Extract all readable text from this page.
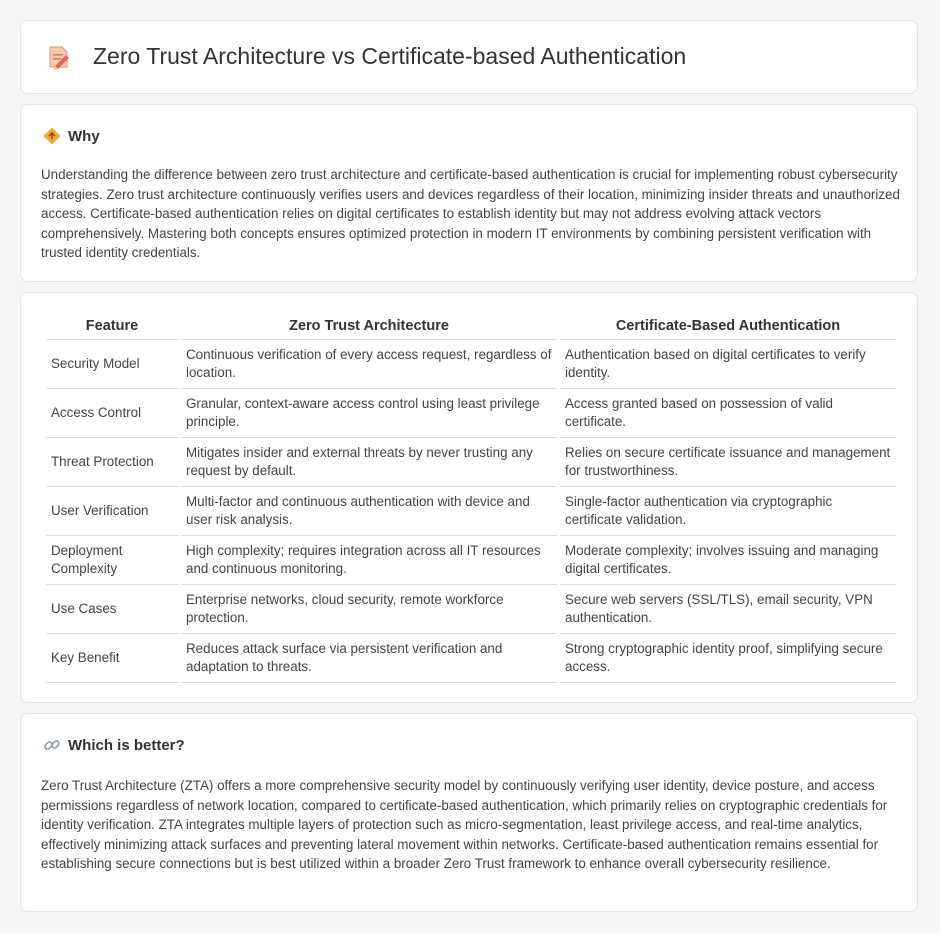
Zero Trust Architecture vs Certificate-based Authentication
Why

Understanding the difference between zero trust architecture and certificate-based authentication is crucial for implementing robust cybersecurity strategies. Zero trust architecture continuously verifies users and devices regardless of their location, minimizing insider threats and unauthorized access. Certificate-based authentication relies on digital certificates to establish identity but may not address evolving attack vectors comprehensively. Mastering both concepts ensures optimized protection in modern IT environments by combining persistent verification with trusted identity credentials.

Feature	Zero Trust Architecture	Certificate-Based Authentication
Security Model	Continuous verification of every access request, regardless of location.	Authentication based on digital certificates to verify identity.
Access Control	Granular, context-aware access control using least privilege principle.	Access granted based on possession of valid certificate.
Threat Protection	Mitigates insider and external threats by never trusting any request by default.	Relies on secure certificate issuance and management for trustworthiness.
User Verification	Multi-factor and continuous authentication with device and user risk analysis.	Single-factor authentication via cryptographic certificate validation.
Deployment Complexity	High complexity; requires integration across all IT resources and continuous monitoring.	Moderate complexity; involves issuing and managing digital certificates.
Use Cases	Enterprise networks, cloud security, remote workforce protection.	Secure web servers (SSL/TLS), email security, VPN authentication.
Key Benefit	Reduces attack surface via persistent verification and adaptation to threats.	Strong cryptographic identity proof, simplifying secure access.
Which is better?

Zero Trust Architecture (ZTA) offers a more comprehensive security model by continuously verifying user identity, device posture, and access permissions regardless of network location, compared to certificate-based authentication, which primarily relies on cryptographic credentials for identity verification. ZTA integrates multiple layers of protection such as micro-segmentation, least privilege access, and real-time analytics, effectively minimizing attack surfaces and preventing lateral movement within networks. Certificate-based authentication remains essential for establishing secure connections but is best utilized within a broader Zero Trust framework to enhance overall cybersecurity resilience.
